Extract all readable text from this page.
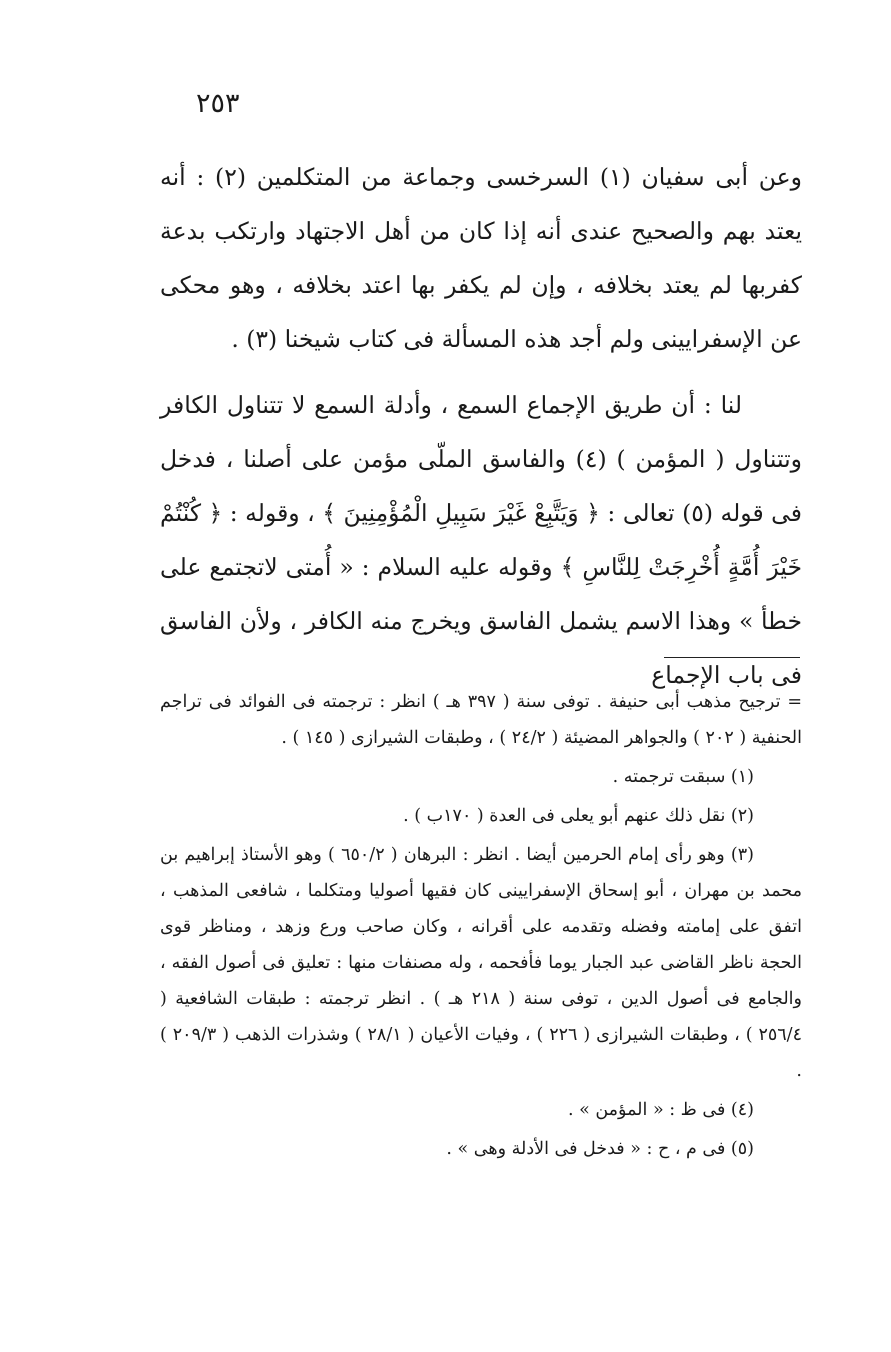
٢٥٣

وعن أبى سفيان (١) السرخسى وجماعة من المتكلمين (٢) : أنه يعتد بهم والصحيح عندى أنه إذا كان من أهل الاجتهاد وارتكب بدعة كفربها لم يعتد بخلافه ، وإن لم يكفر بها اعتد بخلافه ، وهو محكى عن الإسفرايينى ولم أجد هذه المسألة فى كتاب شيخنا (٣) .

لنا : أن طريق الإجماع السمع ، وأدلة السمع لا تتناول الكافر وتتناول ( المؤمن ) (٤) والفاسق الملّى مؤمن على أصلنا ، فدخل فى قوله (٥) تعالى : ﴿ وَيَتَّبِعْ غَيْرَ سَبِيلِ الْمُؤْمِنِينَ ﴾ ، وقوله : ﴿ كُنْتُمْ خَيْرَ أُمَّةٍ أُخْرِجَتْ لِلنَّاسِ ﴾ وقوله عليه السلام : « أُمتى لاتجتمع على خطأ » وهذا الاسم يشمل الفاسق ويخرج منه الكافر ، ولأن الفاسق فى باب الإجماع

= ترجيح مذهب أبى حنيفة . توفى سنة ( ٣٩٧ هـ ) انظر : ترجمته فى الفوائد فى تراجم الحنفية ( ٢٠٢ ) والجواهر المضيئة ( ٢٤/٢ ) ، وطبقات الشيرازى ( ١٤٥ ) .

(١) سبقت ترجمته .

(٢) نقل ذلك عنهم أبو يعلى فى العدة ( ١٧٠ب ) .

(٣) وهو رأى إمام الحرمين أيضا . انظر : البرهان ( ٦٥٠/٢ ) وهو الأستاذ إبراهيم بن محمد بن مهران ، أبو إسحاق الإسفرايينى كان فقيها أصوليا ومتكلما ، شافعى المذهب ، اتفق على إمامته وفضله وتقدمه على أقرانه ، وكان صاحب ورع وزهد ، ومناظر قوى الحجة ناظر القاضى عبد الجبار يوما فأفحمه ، وله مصنفات منها : تعليق فى أصول الفقه ، والجامع فى أصول الدين ، توفى سنة ( ٢١٨ هـ ) . انظر ترجمته : طبقات الشافعية ( ٢٥٦/٤ ) ، وطبقات الشيرازى ( ٢٢٦ ) ، وفيات الأعيان ( ٢٨/١ ) وشذرات الذهب ( ٢٠٩/٣ ) .

(٤) فى ظ : « المؤمن » .

(٥) فى م ، ح : « فدخل فى الأدلة وهى » .
